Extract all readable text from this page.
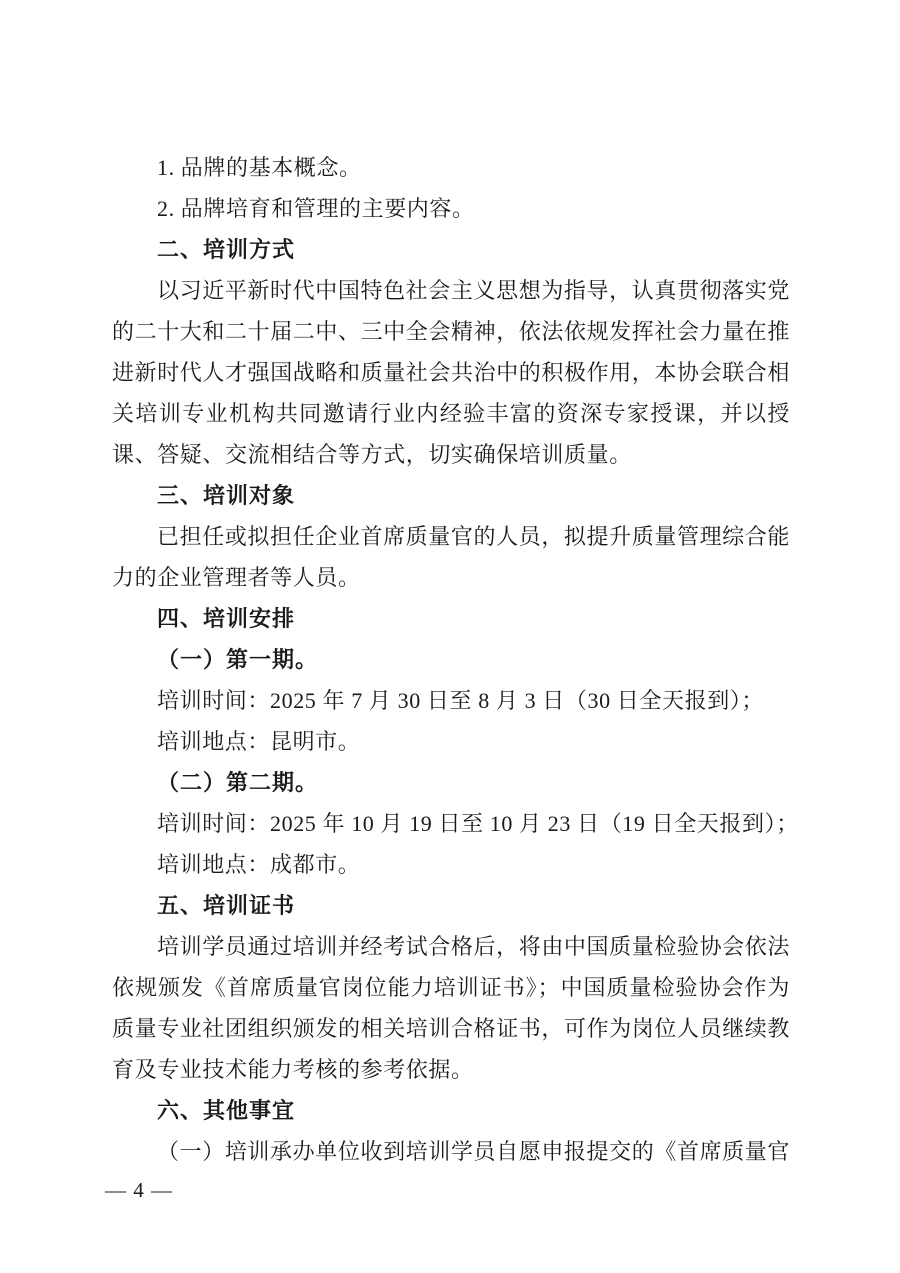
1. 品牌的基本概念。
2. 品牌培育和管理的主要内容。
二、培训方式
以习近平新时代中国特色社会主义思想为指导，认真贯彻落实党
的二十大和二十届二中、三中全会精神，依法依规发挥社会力量在推
进新时代人才强国战略和质量社会共治中的积极作用，本协会联合相
关培训专业机构共同邀请行业内经验丰富的资深专家授课，并以授
课、答疑、交流相结合等方式，切实确保培训质量。
三、培训对象
已担任或拟担任企业首席质量官的人员，拟提升质量管理综合能
力的企业管理者等人员。
四、培训安排
（一）第一期。
培训时间：2025 年 7 月 30 日至 8 月 3 日（30 日全天报到）；
培训地点：昆明市。
（二）第二期。
培训时间：2025 年 10 月 19 日至 10 月 23 日（19 日全天报到）；
培训地点：成都市。
五、培训证书
培训学员通过培训并经考试合格后，将由中国质量检验协会依法
依规颁发《首席质量官岗位能力培训证书》；中国质量检验协会作为
质量专业社团组织颁发的相关培训合格证书，可作为岗位人员继续教
育及专业技术能力考核的参考依据。
六、其他事宜
（一）培训承办单位收到培训学员自愿申报提交的《首席质量官
— 4 —
